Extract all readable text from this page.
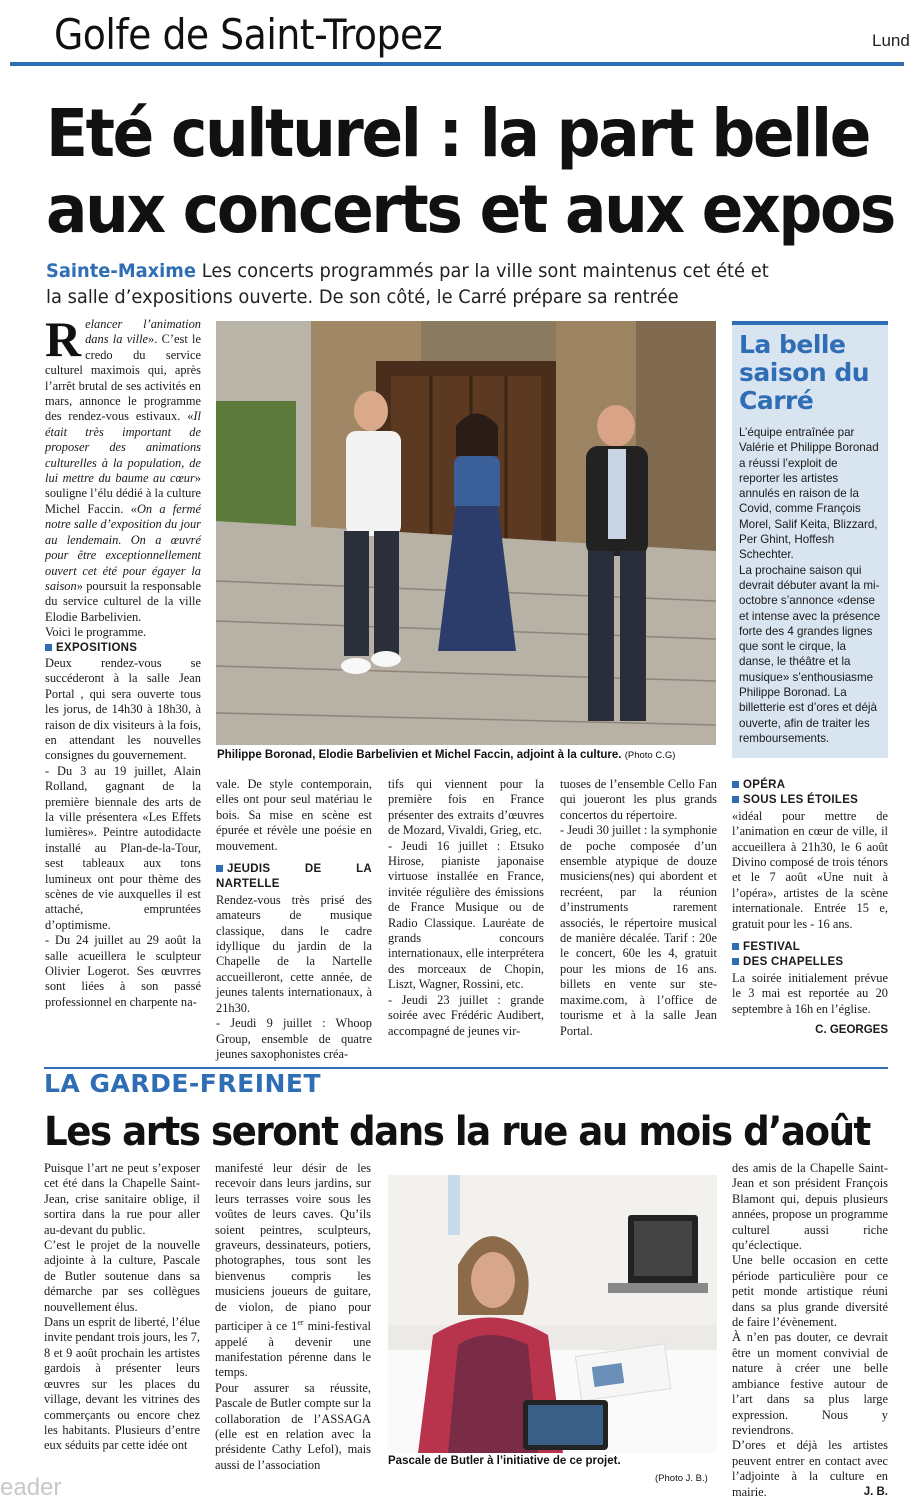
Golfe de Saint-Tropez	Lund
Eté culturel : la part belle
aux concerts et aux expos
Sainte-Maxime Les concerts programmés par la ville sont maintenus cet été et
la salle d’expositions ouverte. De son côté, le Carré prépare sa rentrée

Relancer l’animation dans la ville». C’est le credo du service culturel maximois qui, après l’arrêt brutal de ses activités en mars, annonce le programme des rendez-vous estivaux. «Il était très important de proposer des animations culturelles à la population, de lui mettre du baume au cœur» souligne l’élu dédié à la culture Michel Faccin. «On a fermé notre salle d’exposition du jour au lendemain. On a œuvré pour être exceptionnellement ouvert cet été pour égayer la saison» poursuit la responsable du service culturel de la ville Elodie Barbelivien.

Voici le programme.

EXPOSITIONS

Deux rendez-vous se succéderont à la salle Jean Portal , qui sera ouverte tous les jorus, de 14h30 à 18h30, à raison de dix visiteurs à la fois, en attendant les nouvelles consignes du gouvernement.

- Du 3 au 19 juillet, Alain Rolland, gagnant de la première biennale des arts de la ville présentera «Les Effets lumières». Peintre autodidacte installé au Plan-de-la-Tour, sest tableaux aux tons lumineux ont pour thème des scènes de vie auxquelles il est attaché, empruntées d’optimisme.

- Du 24 juillet au 29 août la salle acueillera le sculpteur Olivier Logerot. Ses œuvrres sont liées à son passé professionnel en charpente na-

Philippe Boronad, Elodie Barbelivien et Michel Faccin, adjoint à la culture. (Photo C.G)

vale. De style contemporain, elles ont pour seul matériau le bois. Sa mise en scène est épurée et révèle une poésie en mouvement.

JEUDIS DE LA NARTELLE

Rendez-vous très prisé des amateurs de musique classique, dans le cadre idyllique du jardin de la Chapelle de la Nartelle accueilleront, cette année, de jeunes talents internationaux, à 21h30.

- Jeudi 9 juillet : Whoop Group, ensemble de quatre jeunes saxophonistes créa-

tifs qui viennent pour la première fois en France présenter des extraits d’œuvres de Mozard, Vivaldi, Grieg, etc.

- Jeudi 16 juillet : Etsuko Hirose, pianiste japonaise virtuose installée en France, invitée régulière des émissions de France Musique ou de Radio Classique. Lauréate de grands concours internationaux, elle interprétera des morceaux de Chopin, Liszt, Wagner, Rossini, etc.

- Jeudi 23 juillet : grande soirée avec Frédéric Audibert, accompagné de jeunes vir-

tuoses de l’ensemble Cello Fan qui joueront les plus grands concertos du répertoire.

- Jeudi 30 juillet : la symphonie de poche composée d’un ensemble atypique de douze musiciens(nes) qui abordent et recréent, par la réunion d’instruments rarement associés, le répertoire musical de manière décalée. Tarif : 20e le concert, 60e les 4, gratuit pour les mions de 16 ans. billets en vente sur ste-maxime.com, à l’office de tourisme et à la salle Jean Portal.

La belle saison du Carré
L’équipe entraînée par Valérie et Philippe Boronad a réussi l’exploit de reporter les artistes annulés en raison de la Covid, comme François Morel, Salif Keita, Blizzard, Per Ghint, Hoffesh Schechter.
La prochaine saison qui devrait débuter avant la mi-octobre s’annonce «dense et intense avec la présence forte des 4 grandes lignes que sont le cirque, la danse, le théâtre et la musique» s’enthousiasme Philippe Boronad. La billetterie est d’ores et déjà ouverte, afin de traiter les remboursements.
OPÉRA
SOUS LES ÉTOILES

«idéal pour mettre de l’animation en cœur de ville, il accueillera à 21h30, le 6 août Divino composé de trois ténors et le 7 août «Une nuit à l’opéra», artistes de la scène internationale. Entrée 15 e, gratuit pour les - 16 ans.

FESTIVAL
DES CHAPELLES

La soirée initialement prévue le 3 mai est reportée au 20 septembre à 16h en l’église.

C. GEORGES
LA GARDE-FREINET
Les arts seront dans la rue au mois d’août

Puisque l’art ne peut s’exposer cet été dans la Chapelle Saint-Jean, crise sanitaire oblige, il sortira dans la rue pour aller au-devant du public.

C’est le projet de la nouvelle adjointe à la culture, Pascale de Butler soutenue dans sa démarche par ses collègues nouvellement élus.

Dans un esprit de liberté, l’élue invite pendant trois jours, les 7, 8 et 9 août prochain les artistes gardois à présenter leurs œuvres sur les places du village, devant les vitrines des commerçants ou encore chez les habitants. Plusieurs d’entre eux séduits par cette idée ont

manifesté leur désir de les recevoir dans leurs jardins, sur leurs terrasses voire sous les voûtes de leurs caves. Qu’ils soient peintres, sculpteurs, graveurs, dessinateurs, potiers, photographes, tous sont les bienvenus compris les musiciens joueurs de guitare, de violon, de piano pour participer à ce 1er mini-festival appelé à devenir une manifestation pérenne dans le temps.

Pour assurer sa réussite, Pascale de Butler compte sur la collaboration de l’ASSAGA (elle est en relation avec la présidente Cathy Lefol), mais aussi de l’association	Pascale de Butler à l’initiative de ce projet.
(Photo J. B.)

des amis de la Chapelle Saint-Jean et son président François Blamont qui, depuis plusieurs années, propose un programme culturel aussi riche qu’éclectique.

Une belle occasion en cette période particulière pour ce petit monde artistique réuni dans sa plus grande diversité de faire l’évènement.

À n’en pas douter, ce devrait être un moment convivial de nature à créer une belle ambiance festive autour de l’art dans sa plus large expression. Nous y reviendrons.

D’ores et déjà les artistes peuvent entrer en contact avec l’adjointe à la culture en mairie.	J. B.

eader
